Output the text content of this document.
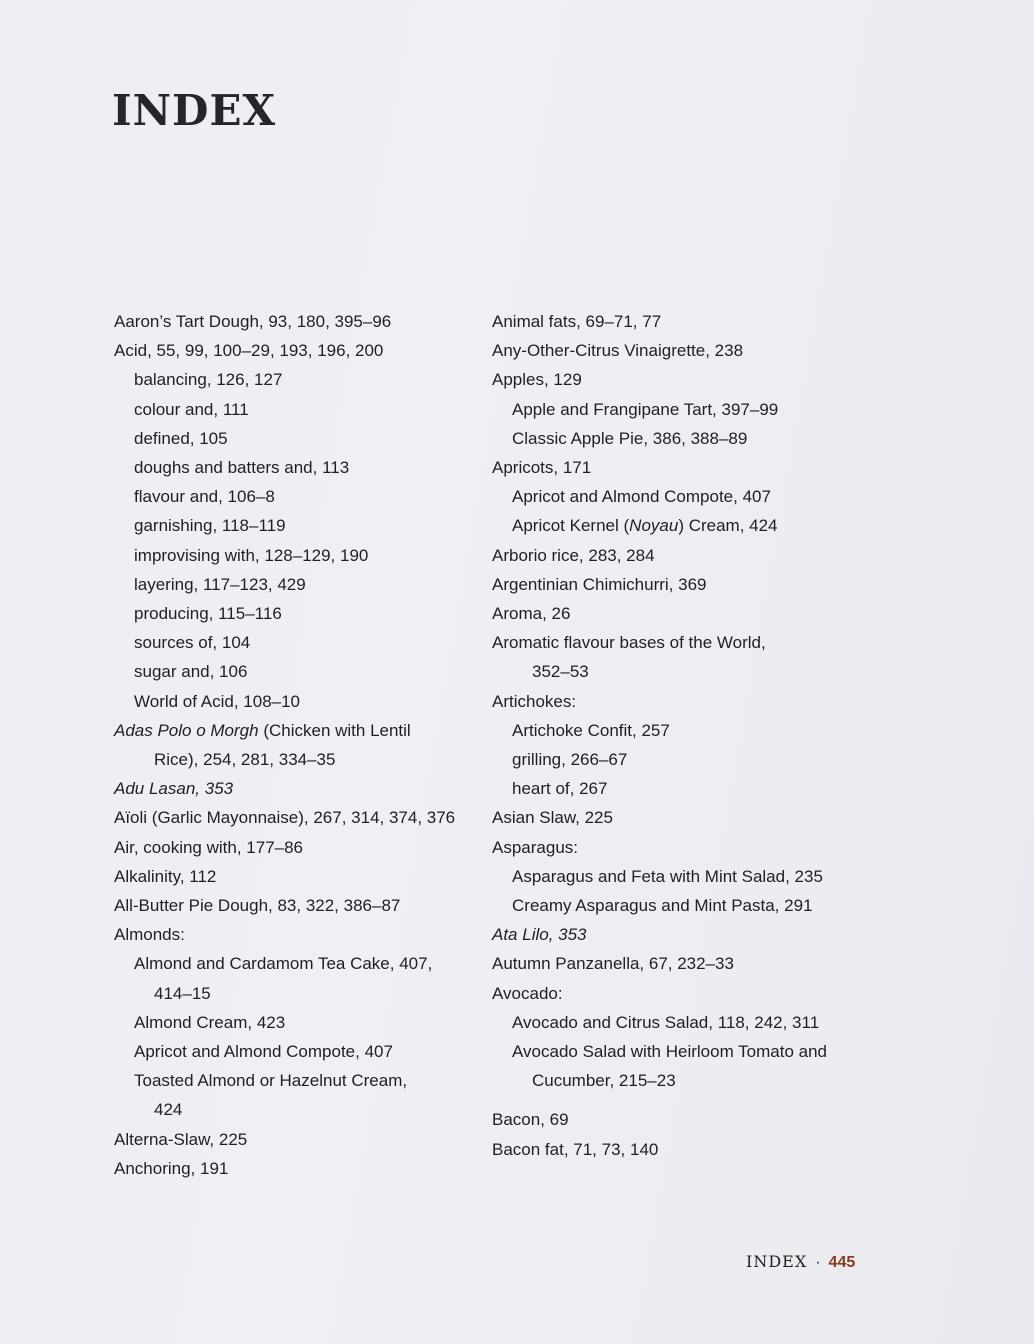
INDEX
Aaron’s Tart Dough, 93, 180, 395–96
Acid, 55, 99, 100–29, 193, 196, 200
balancing, 126, 127
colour and, 111
defined, 105
doughs and batters and, 113
flavour and, 106–8
garnishing, 118–119
improvising with, 128–129, 190
layering, 117–123, 429
producing, 115–116
sources of, 104
sugar and, 106
World of Acid, 108–10
Adas Polo o Morgh (Chicken with Lentil
Rice), 254, 281, 334–35
Adu Lasan, 353
Aïoli (Garlic Mayonnaise), 267, 314, 374, 376
Air, cooking with, 177–86
Alkalinity, 112
All-Butter Pie Dough, 83, 322, 386–87
Almonds:
Almond and Cardamom Tea Cake, 407,
414–15
Almond Cream, 423
Apricot and Almond Compote, 407
Toasted Almond or Hazelnut Cream,
424
Alterna-Slaw, 225
Anchoring, 191
Animal fats, 69–71, 77
Any-Other-Citrus Vinaigrette, 238
Apples, 129
Apple and Frangipane Tart, 397–99
Classic Apple Pie, 386, 388–89
Apricots, 171
Apricot and Almond Compote, 407
Apricot Kernel (Noyau) Cream, 424
Arborio rice, 283, 284
Argentinian Chimichurri, 369
Aroma, 26
Aromatic flavour bases of the World,
352–53
Artichokes:
Artichoke Confit, 257
grilling, 266–67
heart of, 267
Asian Slaw, 225
Asparagus:
Asparagus and Feta with Mint Salad, 235
Creamy Asparagus and Mint Pasta, 291
Ata Lilo, 353
Autumn Panzanella, 67, 232–33
Avocado:
Avocado and Citrus Salad, 118, 242, 311
Avocado Salad with Heirloom Tomato and
Cucumber, 215–23
Bacon, 69
Bacon fat, 71, 73, 140
INDEX · 445
